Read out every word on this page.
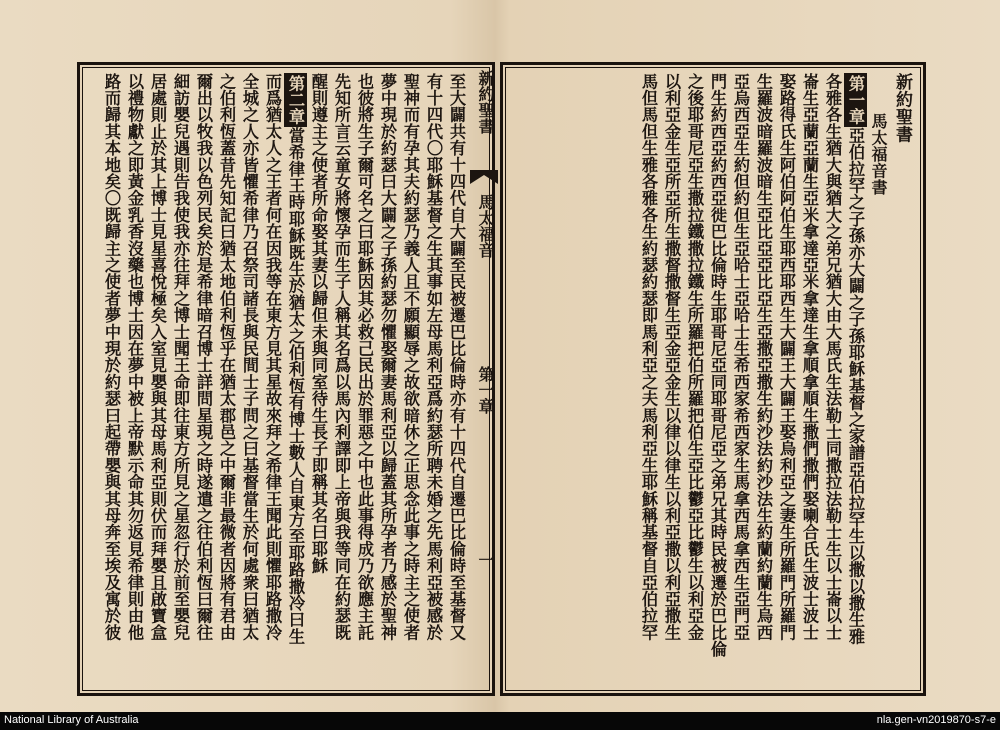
至大闢共有十四代自大闢至民被遷巴比倫時亦有十四代自遷巴比倫時至基督又
有十四代〇耶穌基督之生其事如左母馬利亞爲約瑟所聘未婚之先馬利亞被感於
聖神而有孕其夫約瑟乃義人且不願顯辱之故欲暗休之正思念此事之時主之使者
夢中現於約瑟曰大闢之子孫約瑟勿懼娶爾妻馬利亞以歸蓋其所孕者乃感於聖神
也彼將生子爾可名之曰耶穌因其必救己民出於罪惡之中也此事得成乃欲應主託
先知所言云童女將懷孕而生子人稱其名爲以馬內利譯即上帝與我等同在約瑟既
醒則遵主之使者所命娶其妻以歸但未與同室待生長子即稱其名曰耶穌
第二章當希律王時耶穌既生於猶太之伯利恆有博士數人自東方至耶路撒冷曰生
而爲猶太人之王者何在因我等在東方見其星故來拜之希律王聞此則懼耶路撒冷
全城之人亦皆懼希律乃召祭司諸長與民間士子問之曰基督當生於何處衆曰猶太
之伯利恆蓋昔先知記曰猶太地伯利恆乎在猶太郡邑之中爾非最微者因將有君由
爾出以牧我以色列民矣於是希律暗召博士詳問星現之時遂遣之往伯利恆曰爾往
細訪嬰兒遇則告我使我亦往拜之博士聞王命即往東方所見之星忽行於前至嬰兒
居處則止於其上博士見星喜悅極矣入室見嬰與其母馬利亞則伏而拜嬰且啟寶盒
以禮物獻之即黃金乳香沒藥也博士因在夢中被上帝默示命其勿返見希律則由他
路而歸其本地矣〇既歸主之使者夢中現於約瑟曰起帶嬰與其母奔至埃及寓於彼	新約聖書
馬太福音
第一章
一
新約聖書
馬太福音書
第一章亞伯拉罕之子孫亦大闢之子孫耶穌基督之家譜亞伯拉罕生以撒以撒生雅
各雅各生猶大與猶大之弟兄猶大由大馬氏生法勒士同撒拉法勒士生以士崙以士
崙生亞蘭亞蘭生亞米拿達亞米拿達生拿順拿順生撒們撒們娶喇合氏生波士波士
娶路得氏生阿伯阿伯生耶西耶西生大闢王大闢王娶烏利亞之妻生所羅門所羅門
生羅波暗羅波暗生亞比亞亞比亞生亞撒亞撒生約沙法約沙法生約蘭約蘭生烏西
亞烏西亞生約但約但生亞哈士亞哈士生希西家希西家生馬拿西馬拿西生亞門亞
門生約西亞約西亞徙巴比倫時生耶哥尼亞同耶哥尼亞之弟兄其時民被遷於巴比倫
之後耶哥尼亞生撒拉鐵撒拉鐵生所羅把伯所羅把伯生亞比鬱亞比鬱生以利亞金
以利亞金生亞所亞所生撒督撒督生亞金亞金生以律以律生以利亞撒以利亞撒生
馬但馬但生雅各雅各生約瑟約瑟即馬利亞之夫馬利亞生耶穌稱基督自亞伯拉罕
National Library of Australia	nla.gen-vn2019870-s7-e
